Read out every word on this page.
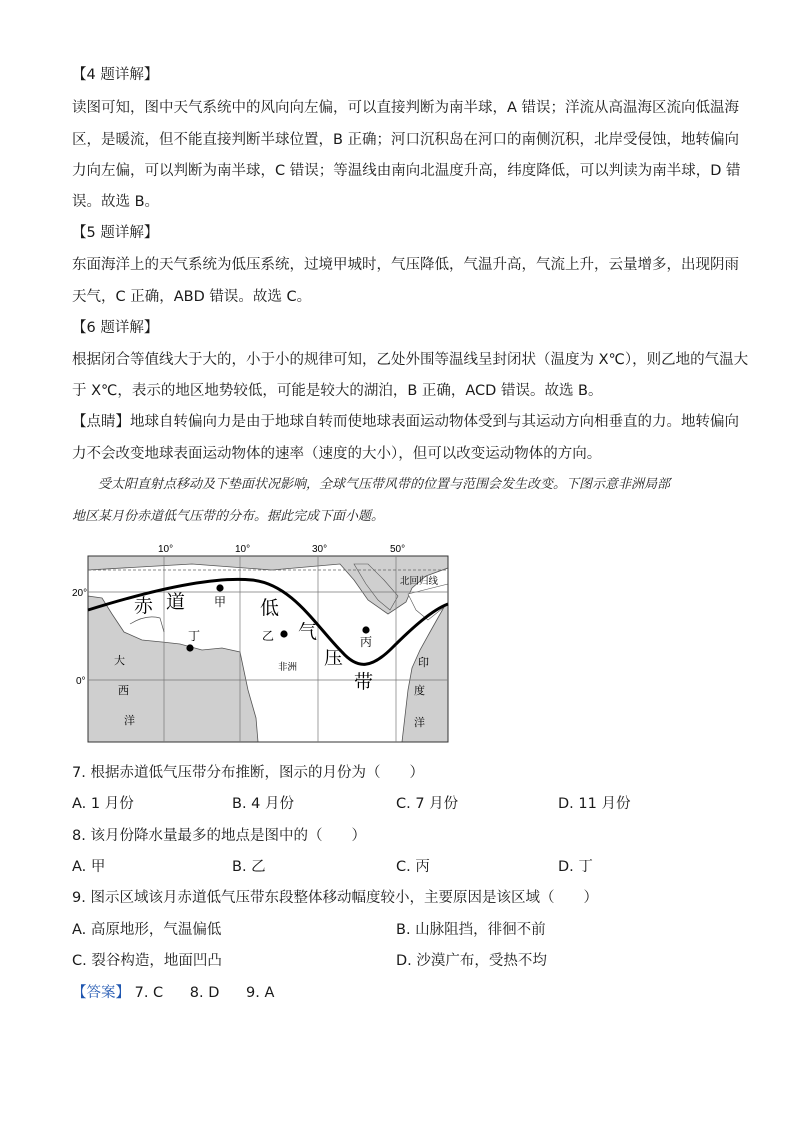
【4 题详解】
读图可知，图中天气系统中的风向向左偏，可以直接判断为南半球，A 错误；洋流从高温海区流向低温海
区，是暖流，但不能直接判断半球位置，B 正确；河口沉积岛在河口的南侧沉积，北岸受侵蚀，地转偏向
力向左偏，可以判断为南半球，C 错误；等温线由南向北温度升高，纬度降低，可以判读为南半球，D 错
误。故选 B。
【5 题详解】
东面海洋上的天气系统为低压系统，过境甲城时，气压降低，气温升高，气流上升，云量增多，出现阴雨
天气，C 正确，ABD 错误。故选 C。
【6 题详解】
根据闭合等值线大于大的，小于小的规律可知，乙处外围等温线呈封闭状（温度为 X℃），则乙地的气温大
于 X℃，表示的地区地势较低，可能是较大的湖泊，B 正确，ACD 错误。故选 B。
【点睛】地球自转偏向力是由于地球自转而使地球表面运动物体受到与其运动方向相垂直的力。地转偏向
力不会改变地球表面运动物体的速率（速度的大小），但可以改变运动物体的方向。
受太阳直射点移动及下垫面状况影响，全球气压带风带的位置与范围会发生改变。下图示意非洲局部
地区某月份赤道低气压带的分布。据此完成下面小题。
10°	10°	30°	50°
20°
0°
赤 道	低
气
压
带
甲
乙	丙
丁
北回归线
非洲
大
西
洋
印
度
洋
7. 根据赤道低气压带分布推断，图示的月份为（　　）
A. 1 月份	B. 4 月份	C. 7 月份	D. 11 月份
8. 该月份降水量最多的地点是图中的（　　）
A. 甲	B. 乙	C. 丙	D. 丁
9. 图示区域该月赤道低气压带东段整体移动幅度较小，主要原因是该区域（　　）
A. 高原地形，气温偏低	B. 山脉阻挡，徘徊不前
C. 裂谷构造，地面凹凸	D. 沙漠广布，受热不均
【答案】 7. C 8. D 9. A
